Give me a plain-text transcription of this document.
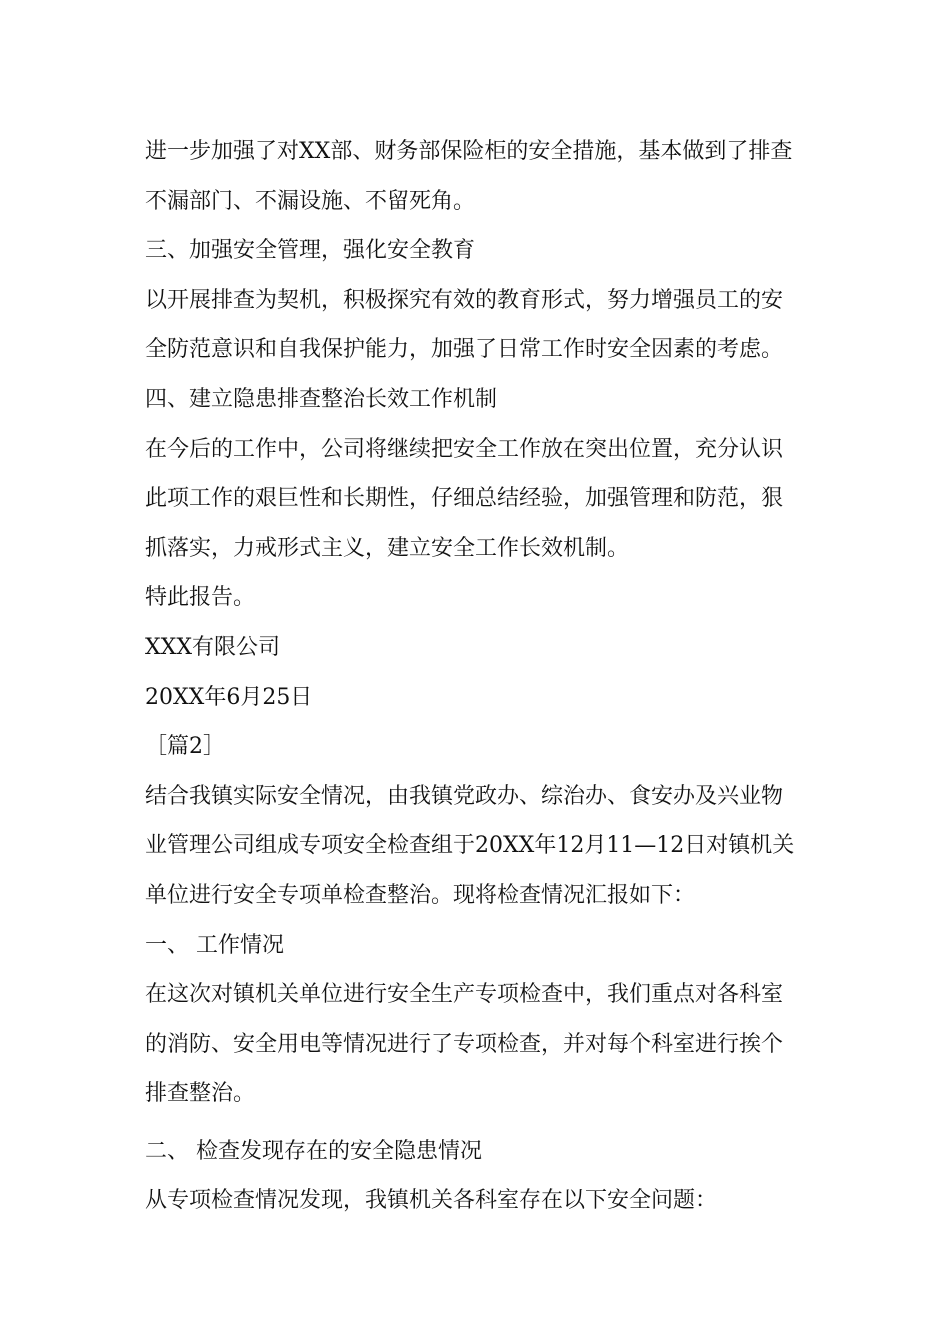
进一步加强了对XX部、财务部保险柜的安全措施，基本做到了排查

不漏部门、不漏设施、不留死角。

三、加强安全管理，强化安全教育

以开展排查为契机，积极探究有效的教育形式，努力增强员工的安

全防范意识和自我保护能力，加强了日常工作时安全因素的考虑。

四、建立隐患排查整治长效工作机制

在今后的工作中，公司将继续把安全工作放在突出位置，充分认识

此项工作的艰巨性和长期性，仔细总结经验，加强管理和防范，狠

抓落实，力戒形式主义，建立安全工作长效机制。

特此报告。

XXX有限公司

20XX年6月25日

［篇2］

结合我镇实际安全情况，由我镇党政办、综治办、食安办及兴业物

业管理公司组成专项安全检查组于20XX年12月11—12日对镇机关

单位进行安全专项单检查整治。现将检查情况汇报如下：

一、 工作情况

在这次对镇机关单位进行安全生产专项检查中，我们重点对各科室

的消防、安全用电等情况进行了专项检查，并对每个科室进行挨个

排查整治。

二、 检查发现存在的安全隐患情况

从专项检查情况发现，我镇机关各科室存在以下安全问题：
